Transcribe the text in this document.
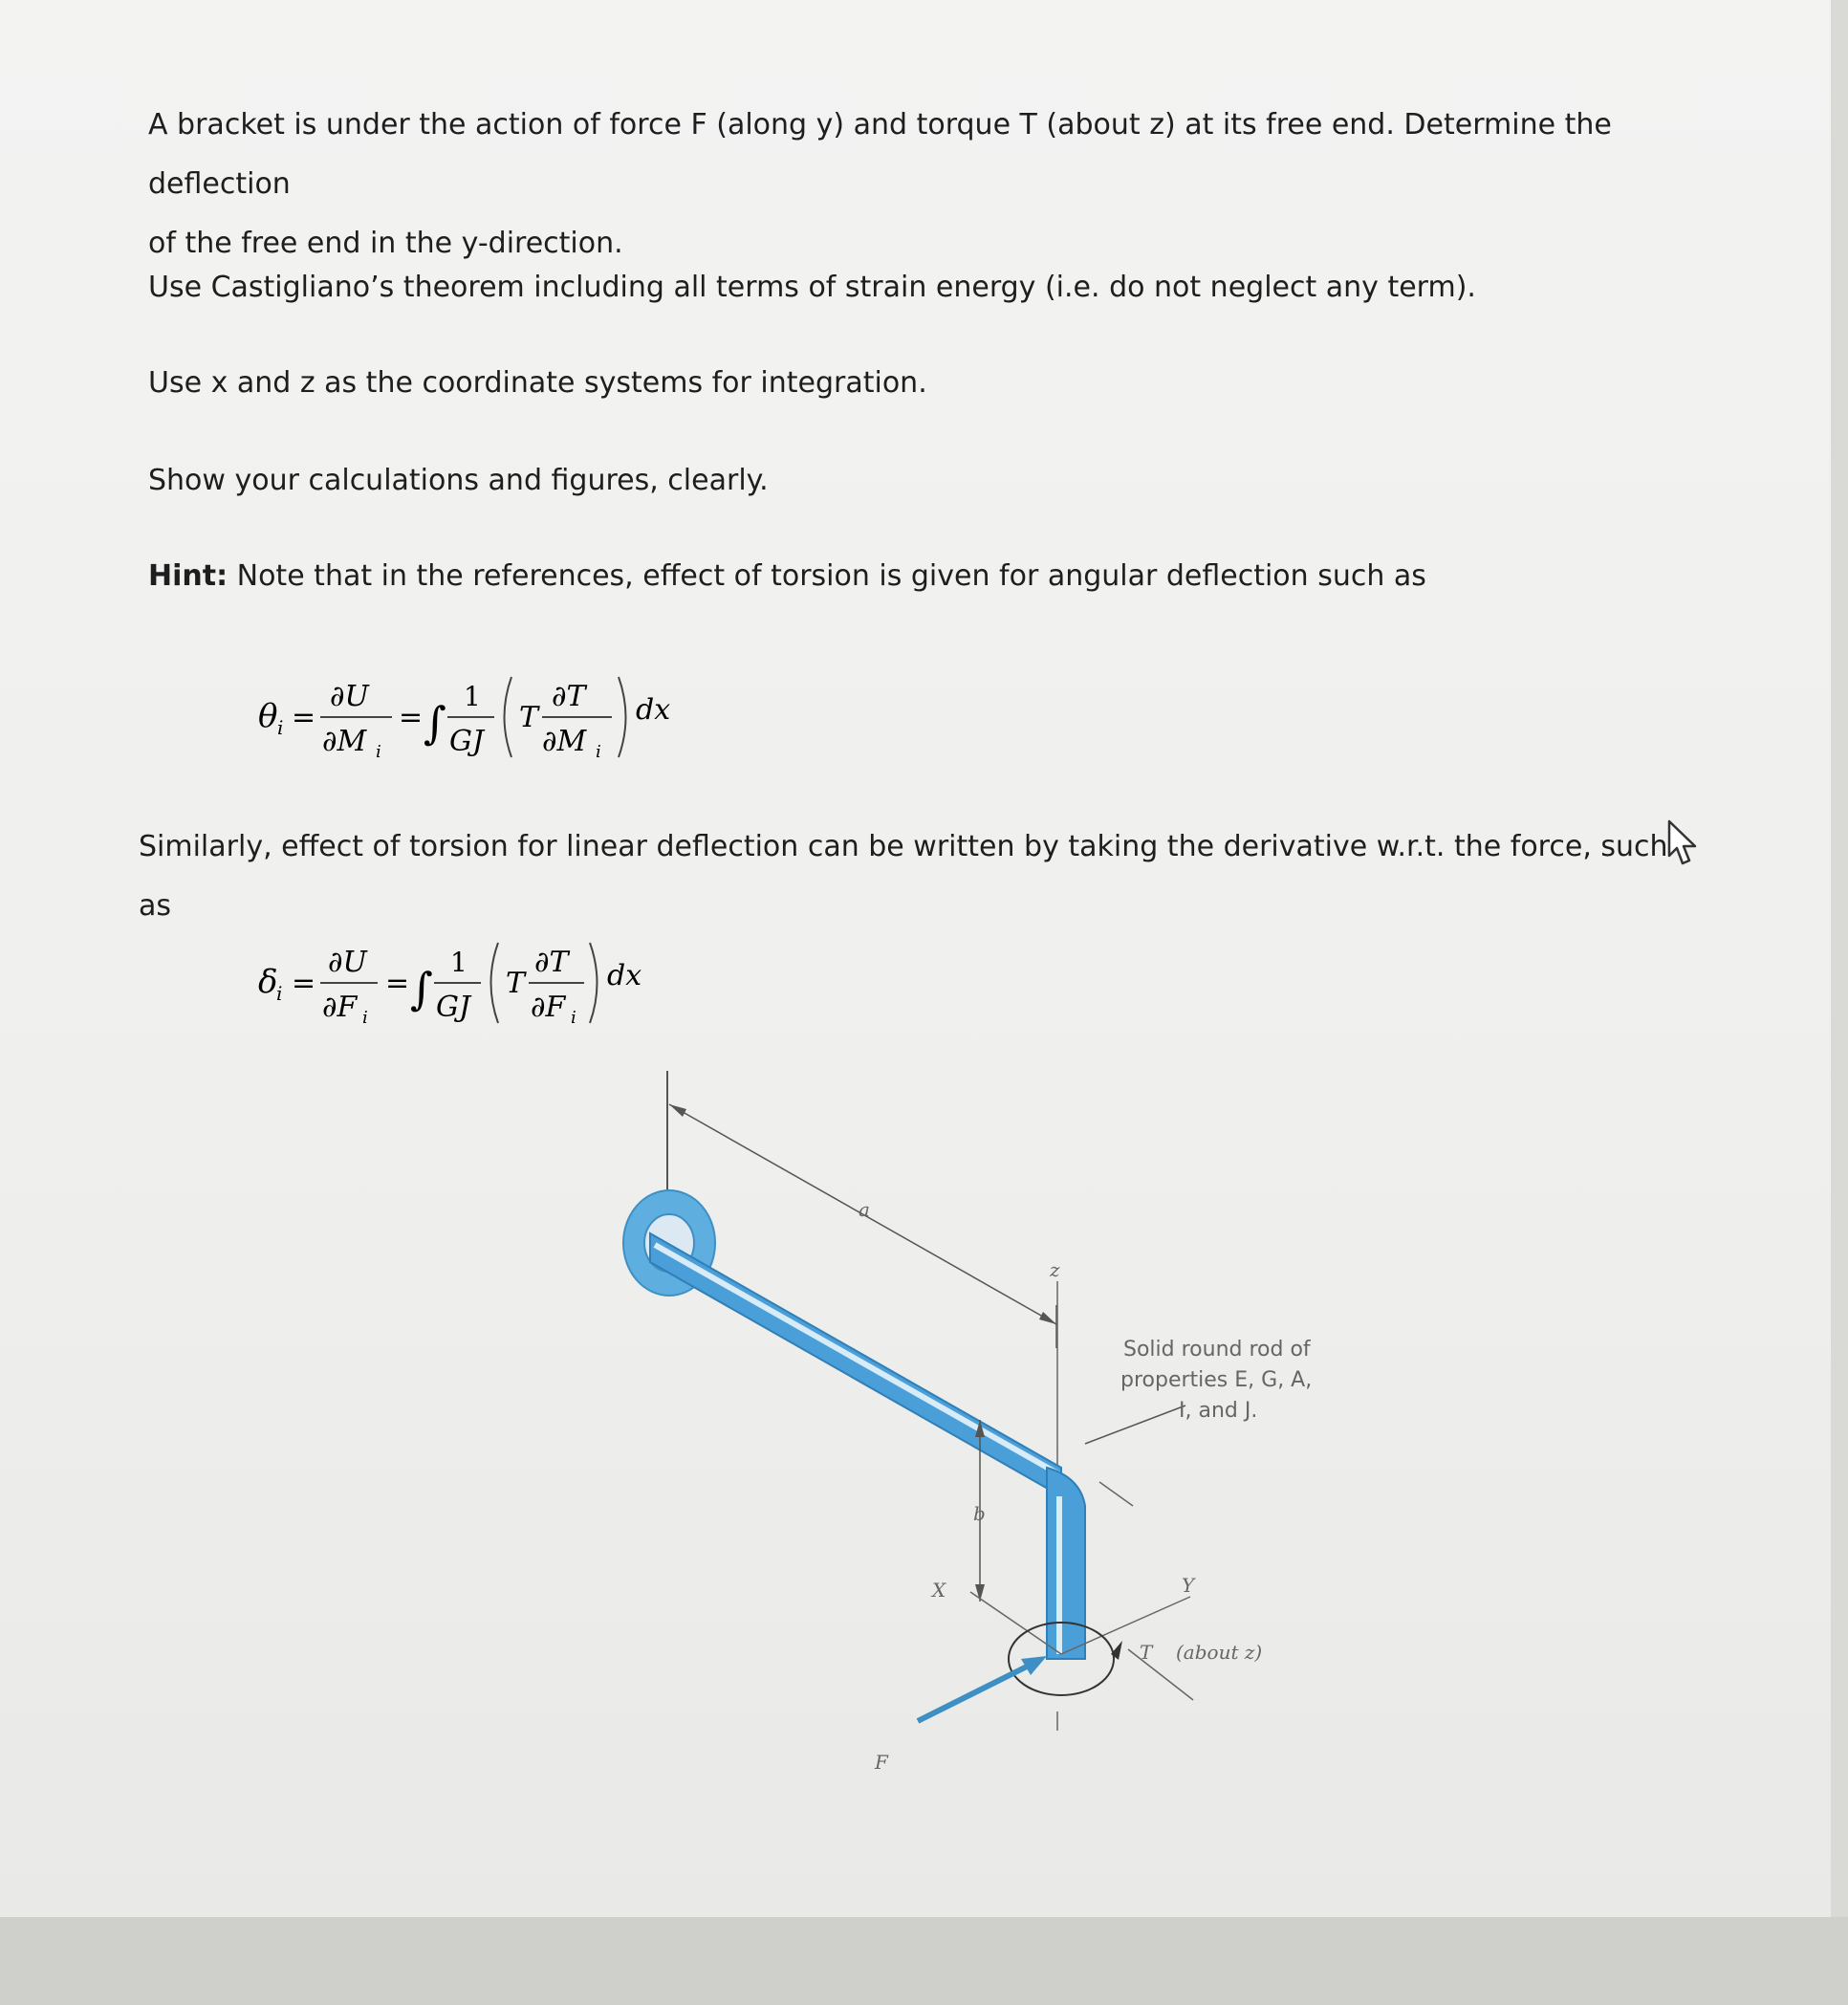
A bracket is under the action of force F (along y) and torque T (about z) at its free end. Determine the deflection
of the free end in the y-direction.

Use Castigliano’s theorem including all terms of strain energy (i.e. do not neglect any term).

Use x and z as the coordinate systems for integration.

Show your calculations and figures, clearly.

Hint: Note that in the references, effect of torsion is given for angular deflection such as

θ i =
∂U
∂M i
= ∫
1
GJ
T
∂T
∂M i
dx

Similarly, effect of torsion for linear deflection can be written by taking the derivative w.r.t. the force, such as

δ
i =
∂U
∂F i
= ∫
1
GJ
T
∂T
∂F i
dx
a
z
b
X	Y
T (about z)
F
Solid round rod of
properties E, G, A,
I, and J.
